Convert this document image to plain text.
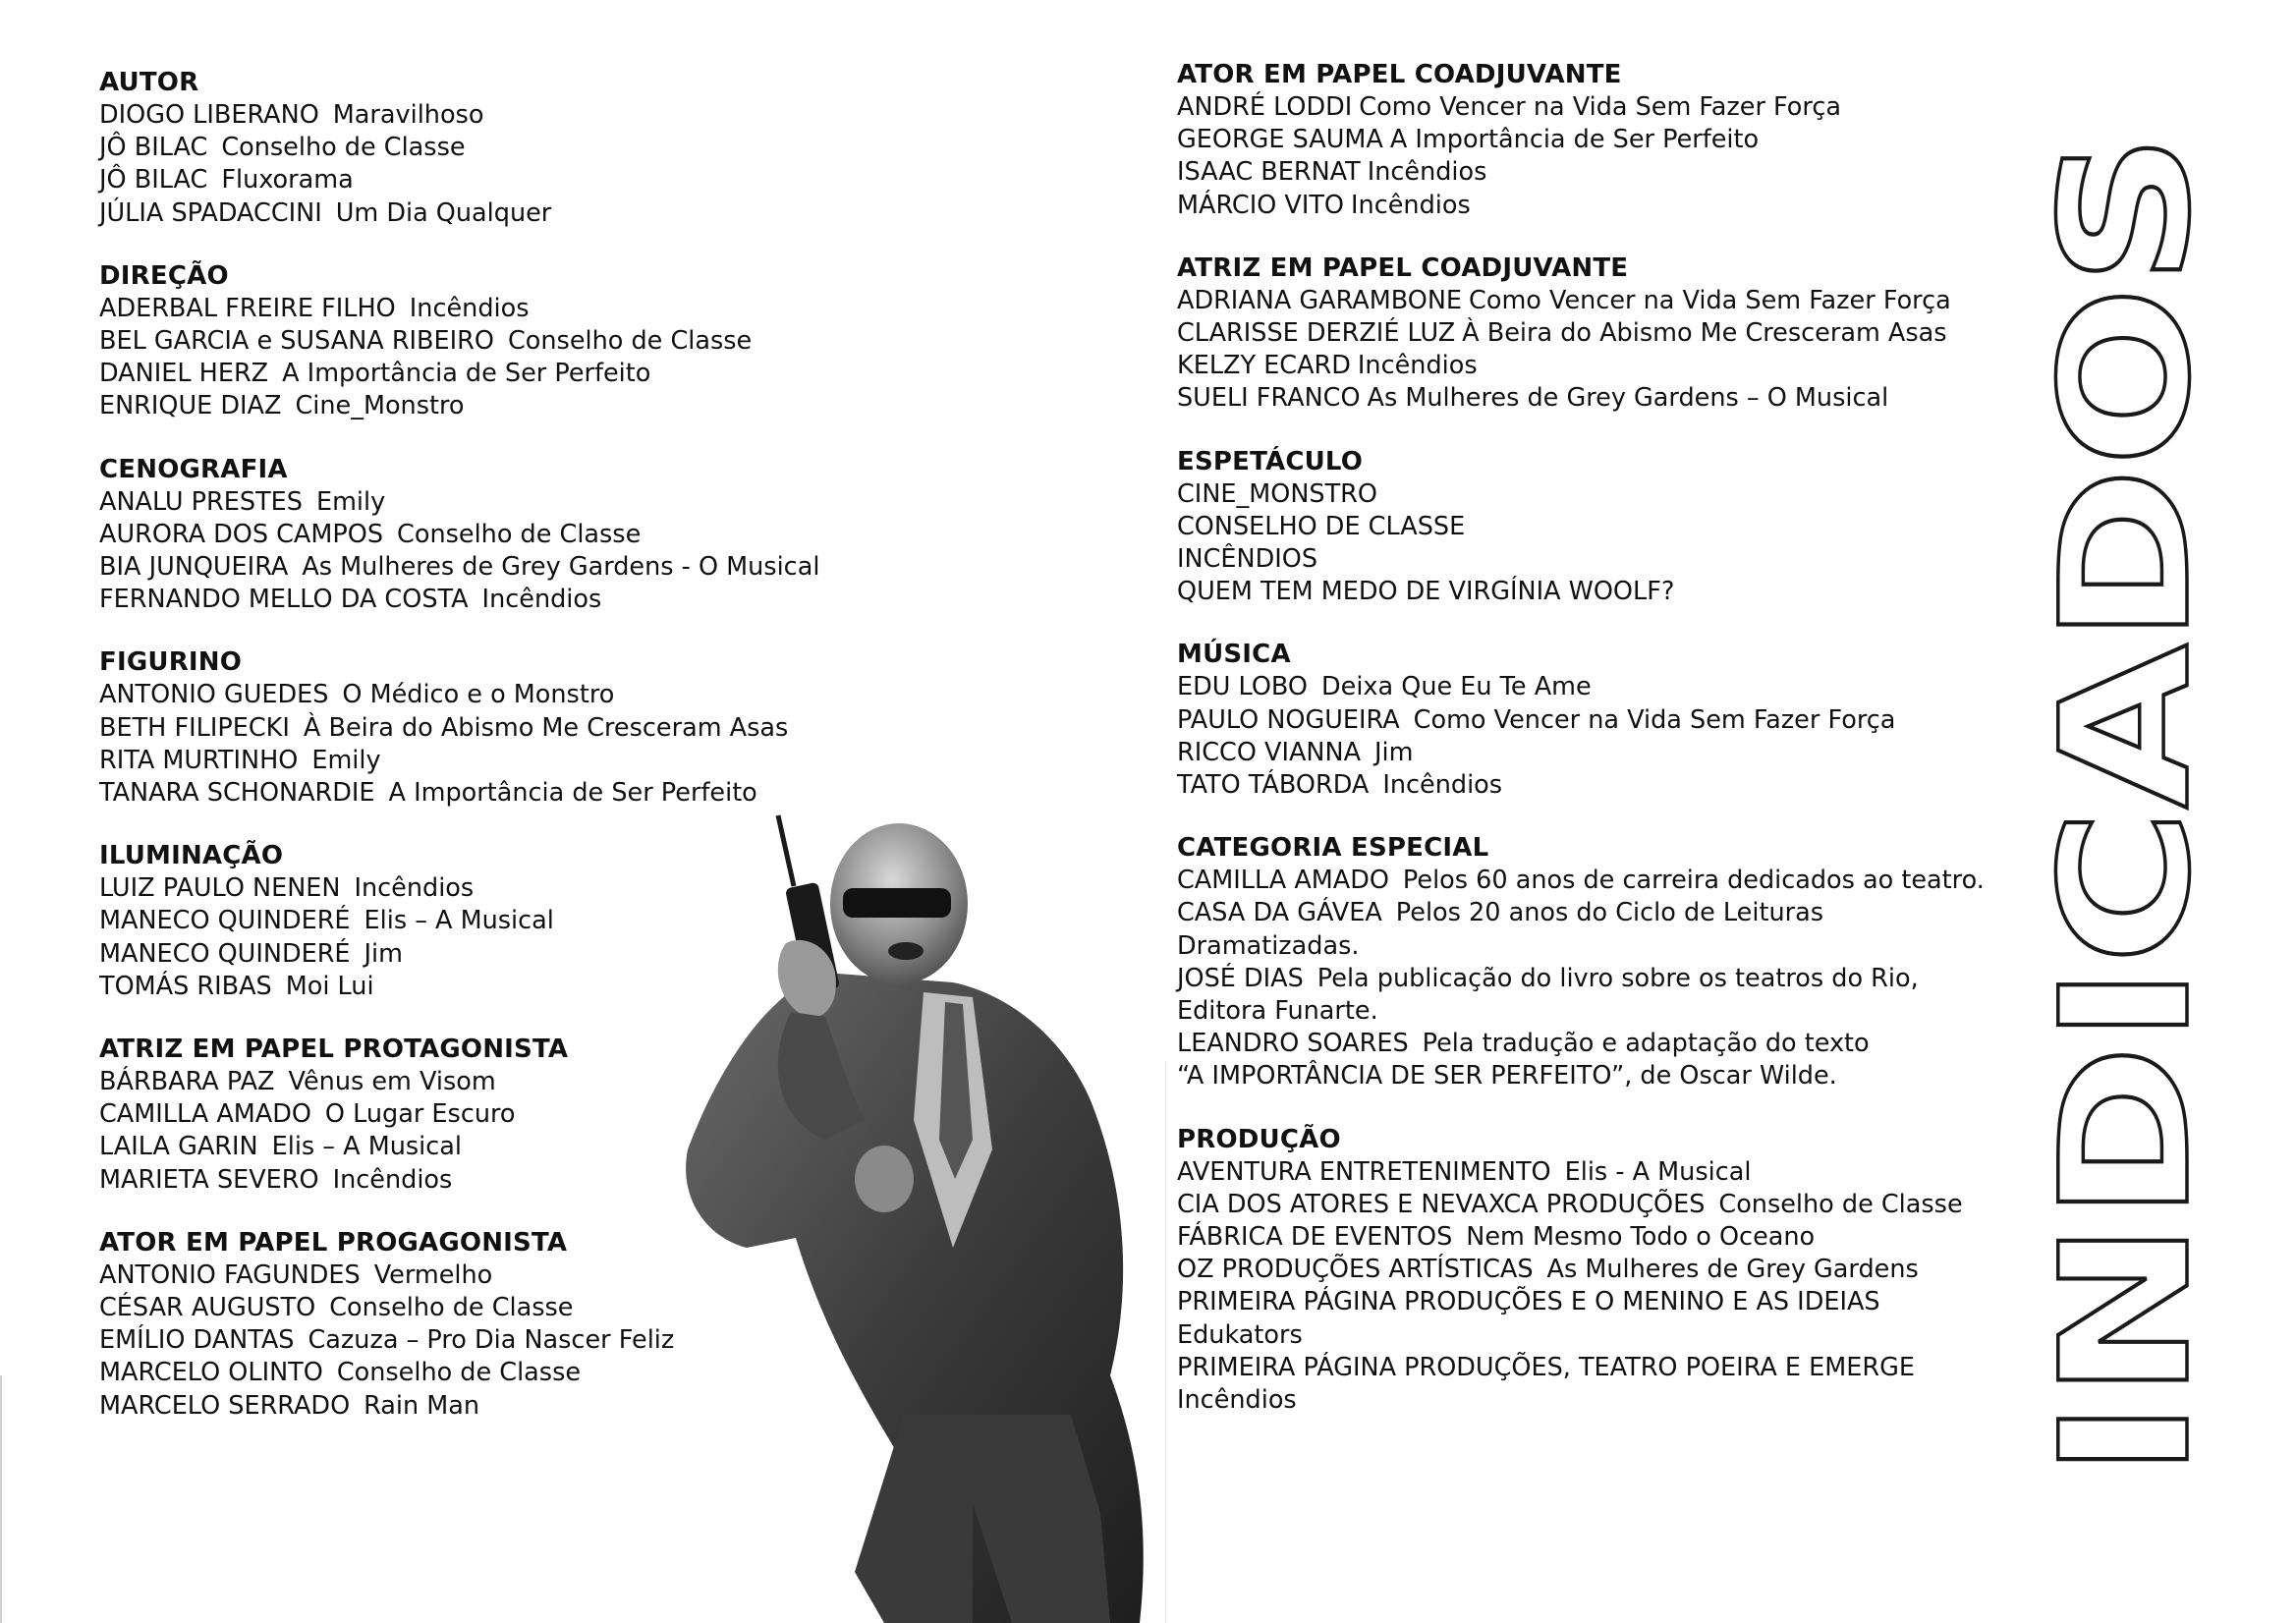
AUTOR
DIOGO LIBERANO Maravilhoso
JÔ BILAC Conselho de Classe
JÔ BILAC Fluxorama
JÚLIA SPADACCINI Um Dia Qualquer
DIREÇÃO
ADERBAL FREIRE FILHO Incêndios
BEL GARCIA e SUSANA RIBEIRO Conselho de Classe
DANIEL HERZ A Importância de Ser Perfeito
ENRIQUE DIAZ Cine_Monstro
CENOGRAFIA
ANALU PRESTES Emily
AURORA DOS CAMPOS Conselho de Classe
BIA JUNQUEIRA As Mulheres de Grey Gardens - O Musical
FERNANDO MELLO DA COSTA Incêndios
FIGURINO
ANTONIO GUEDES O Médico e o Monstro
BETH FILIPECKI À Beira do Abismo Me Cresceram Asas
RITA MURTINHO Emily
TANARA SCHONARDIE A Importância de Ser Perfeito
ILUMINAÇÃO
LUIZ PAULO NENEN Incêndios
MANECO QUINDERÉ Elis – A Musical
MANECO QUINDERÉ Jim
TOMÁS RIBAS Moi Lui
ATRIZ EM PAPEL PROTAGONISTA
BÁRBARA PAZ Vênus em Visom
CAMILLA AMADO O Lugar Escuro
LAILA GARIN Elis – A Musical
MARIETA SEVERO Incêndios
ATOR EM PAPEL PROGAGONISTA
ANTONIO FAGUNDES Vermelho
CÉSAR AUGUSTO Conselho de Classe
EMÍLIO DANTAS Cazuza – Pro Dia Nascer Feliz
MARCELO OLINTO Conselho de Classe
MARCELO SERRADO Rain Man
ATOR EM PAPEL COADJUVANTE
ANDRÉ LODDI Como Vencer na Vida Sem Fazer Força
GEORGE SAUMA A Importância de Ser Perfeito
ISAAC BERNAT Incêndios
MÁRCIO VITO Incêndios
ATRIZ EM PAPEL COADJUVANTE
ADRIANA GARAMBONE Como Vencer na Vida Sem Fazer Força
CLARISSE DERZIÉ LUZ À Beira do Abismo Me Cresceram Asas
KELZY ECARD Incêndios
SUELI FRANCO As Mulheres de Grey Gardens – O Musical
ESPETÁCULO
CINE_MONSTRO
CONSELHO DE CLASSE
INCÊNDIOS
QUEM TEM MEDO DE VIRGÍNIA WOOLF?
MÚSICA
EDU LOBO Deixa Que Eu Te Ame
PAULO NOGUEIRA Como Vencer na Vida Sem Fazer Força
RICCO VIANNA Jim
TATO TÁBORDA Incêndios
CATEGORIA ESPECIAL
CAMILLA AMADO Pelos 60 anos de carreira dedicados ao teatro.
CASA DA GÁVEA Pelos 20 anos do Ciclo de Leituras
Dramatizadas.
JOSÉ DIAS Pela publicação do livro sobre os teatros do Rio,
Editora Funarte.
LEANDRO SOARES Pela tradução e adaptação do texto
“A IMPORTÂNCIA DE SER PERFEITO”, de Oscar Wilde.
PRODUÇÃO
AVENTURA ENTRETENIMENTO Elis - A Musical
CIA DOS ATORES E NEVAXCA PRODUÇÕES Conselho de Classe
FÁBRICA DE EVENTOS Nem Mesmo Todo o Oceano
OZ PRODUÇÕES ARTÍSTICAS As Mulheres de Grey Gardens
PRIMEIRA PÁGINA PRODUÇÕES E O MENINO E AS IDEIAS
Edukators
PRIMEIRA PÁGINA PRODUÇÕES, TEATRO POEIRA E EMERGE
Incêndios	INDICADOS
